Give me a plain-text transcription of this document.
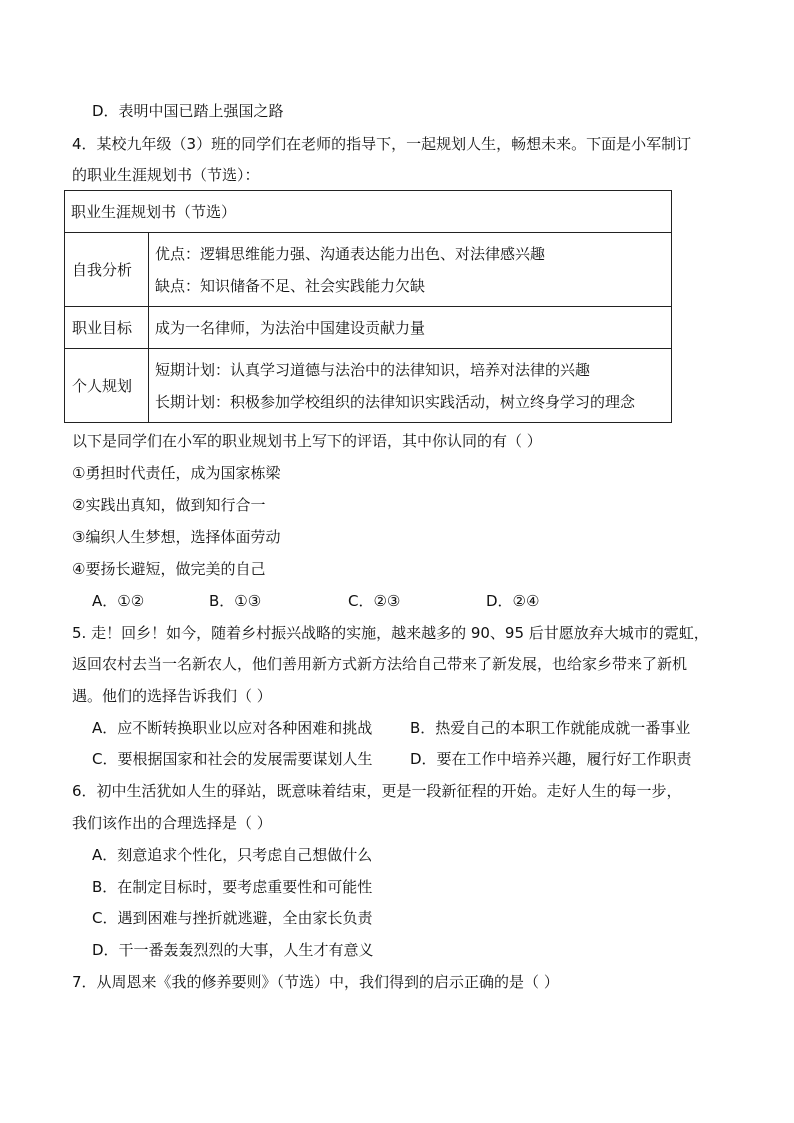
D．表明中国已踏上强国之路
4．某校九年级（3）班的同学们在老师的指导下，一起规划人生，畅想未来。下面是小军制订
的职业生涯规划书（节选）：
职业生涯规划书（节选）	
自我分析	优点：逻辑思维能力强、沟通表达能力出色、对法律感兴趣
缺点：知识储备不足、社会实践能力欠缺

职业目标	成为一名律师，为法治中国建设贡献力量
个人规划	短期计划：认真学习道德与法治中的法律知识，培养对法律的兴趣
长期计划：积极参加学校组织的法律知识实践活动，树立终身学习的理念
以下是同学们在小军的职业规划书上写下的评语，其中你认同的有（ ）
①勇担时代责任，成为国家栋梁
②实践出真知，做到知行合一
③编织人生梦想，选择体面劳动
④要扬长避短，做完美的自己
A．①②	B．①③	C．②③	D．②④
5. 走！回乡！如今，随着乡村振兴战略的实施，越来越多的 90、95 后甘愿放弃大城市的霓虹，
返回农村去当一名新农人，他们善用新方式新方法给自己带来了新发展，也给家乡带来了新机
遇。他们的选择告诉我们（ ）
A．应不断转换职业以应对各种困难和挑战	B．热爱自己的本职工作就能成就一番事业
C．要根据国家和社会的发展需要谋划人生	D．要在工作中培养兴趣，履行好工作职责
6．初中生活犹如人生的驿站，既意味着结束，更是一段新征程的开始。走好人生的每一步，
我们该作出的合理选择是（ ）
A．刻意追求个性化，只考虑自己想做什么
B．在制定目标时，要考虑重要性和可能性
C．遇到困难与挫折就逃避，全由家长负责
D．干一番轰轰烈烈的大事，人生才有意义
7．从周恩来《我的修养要则》（节选）中，我们得到的启示正确的是（ ）
